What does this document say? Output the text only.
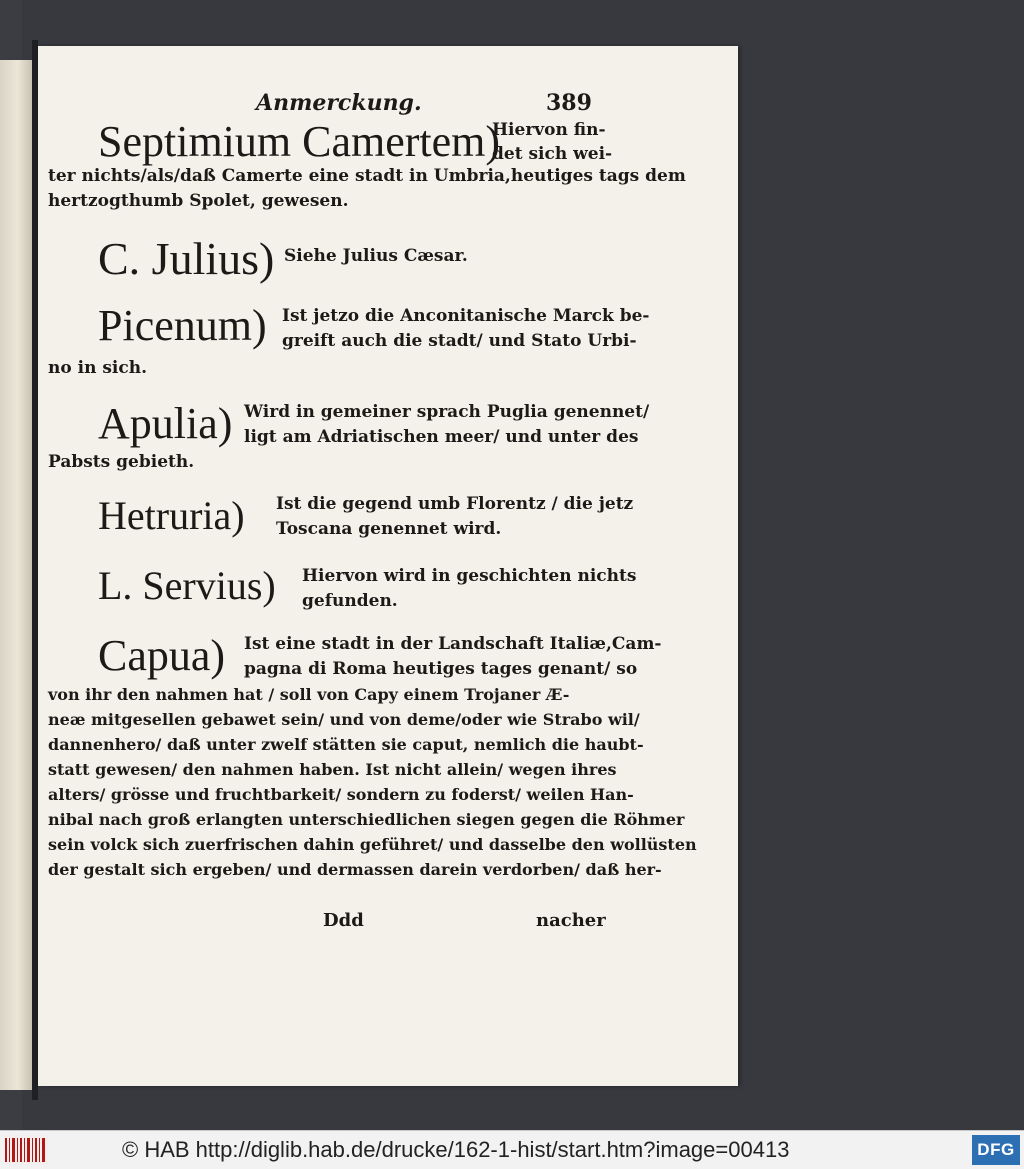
Anmerckung.	389
Septimium Camertem)
Hiervon fin-
det sich wei-
ter nichts/als/daß Camerte eine stadt in Umbria,heutiges tags dem
hertzogthumb Spolet, gewesen.
C. Julius) Siehe Julius Cæsar.
Picenum) Ist jetzo die Anconitanische Marck be-
greift auch die stadt/ und Stato Urbi-
no in sich.
Apulia) Wird in gemeiner sprach Puglia genennet/
ligt am Adriatischen meer/ und unter des
Pabsts gebieth.
Hetruria) Ist die gegend umb Florentz / die jetz
Toscana genennet wird.
L. Servius) Hiervon wird in geschichten nichts
gefunden.
Capua) Ist eine stadt in der Landschaft Italiæ,Cam-
pagna di Roma heutiges tages genant/ so
von ihr den nahmen hat / soll von Capy einem Trojaner Æ-
neæ mitgesellen gebawet sein/ und von deme/oder wie Strabo wil/
dannenhero/ daß unter zwelf stätten sie caput, nemlich die haubt-
statt gewesen/ den nahmen haben. Ist nicht allein/ wegen ihres
alters/ grösse und fruchtbarkeit/ sondern zu foderst/ weilen Han-
nibal nach groß erlangten unterschiedlichen siegen gegen die Röhmer
sein volck sich zuerfrischen dahin geführet/ und dasselbe den wollüsten
der gestalt sich ergeben/ und dermassen darein verdorben/ daß her-
Ddd	nacher
© HAB http://diglib.hab.de/drucke/162-1-hist/start.htm?image=00413	DFG
